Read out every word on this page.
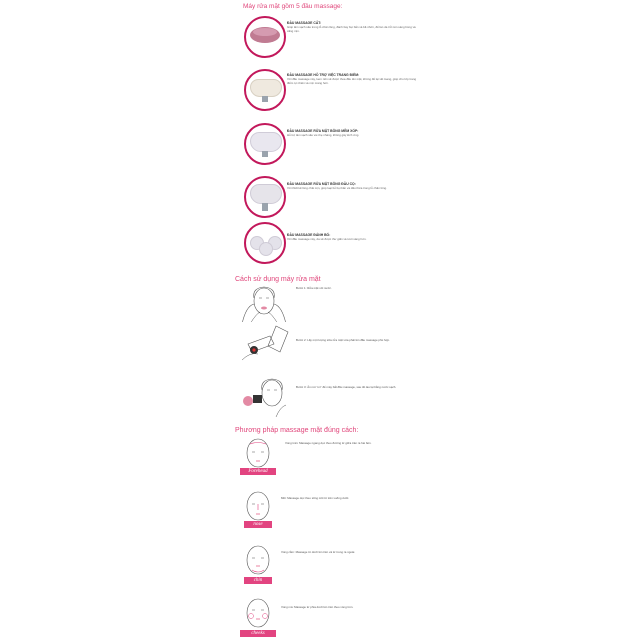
Máy rửa mặt gồm 5 đầu massage:
ĐẦU MASSAGE CẤT:
Giúp làm sạch sâu trong lỗ chân lông, đánh bay bụi bẩn và bã nhờn, để làn da trở nên sáng bóng và căng mịn.
ĐẦU MASSAGE HỖ TRỢ VIỆC TRANG ĐIỂM:
Với đầu massage này, kem nền sẽ được thoa đều lên mặt, không để lại vết loang, giúp cho lớp trang điểm tự nhiên và mịn màng hơn.
ĐẦU MASSAGE RỬA MẶT BÔNG MỀM XỐP:
Hỗ trợ làm sạch sâu và nhẹ nhàng, không gây kích ứng.
ĐẦU MASSAGE RỬA MẶT BÔNG ĐẦU CỌ:
Với thiết kế lông chải mịn, giúp loại bỏ bụi bẩn và dầu thừa trong lỗ chân lông.
ĐẦU MASSAGE ĐÁNH BÓ:
Với đầu massage này, da sẽ được thư giãn và tươi sáng hơn.
Cách sử dụng máy rửa mặt
Bước 1: Rửa mặt với nước.
Bước 2: Lấy một lượng sữa rửa mặt vừa phải lên đầu massage phù hợp.
Bước 3: Ấn nút "on" để máy bắt đầu massage, sau đó lau lại bằng nước sạch.
Phương pháp massage mặt đúng cách:
Forehead
Vùng trán: Massage ngang dọc theo đường từ giữa trán ra hai bên.
nose
Mũi: Massage dọc theo sống mũi từ trên xuống dưới.
chin
Vùng cằm: Massage từ dưới lên trên và từ trong ra ngoài.
cheeks
Vùng má: Massage từ phía dưới lên trên theo vòng tròn.
